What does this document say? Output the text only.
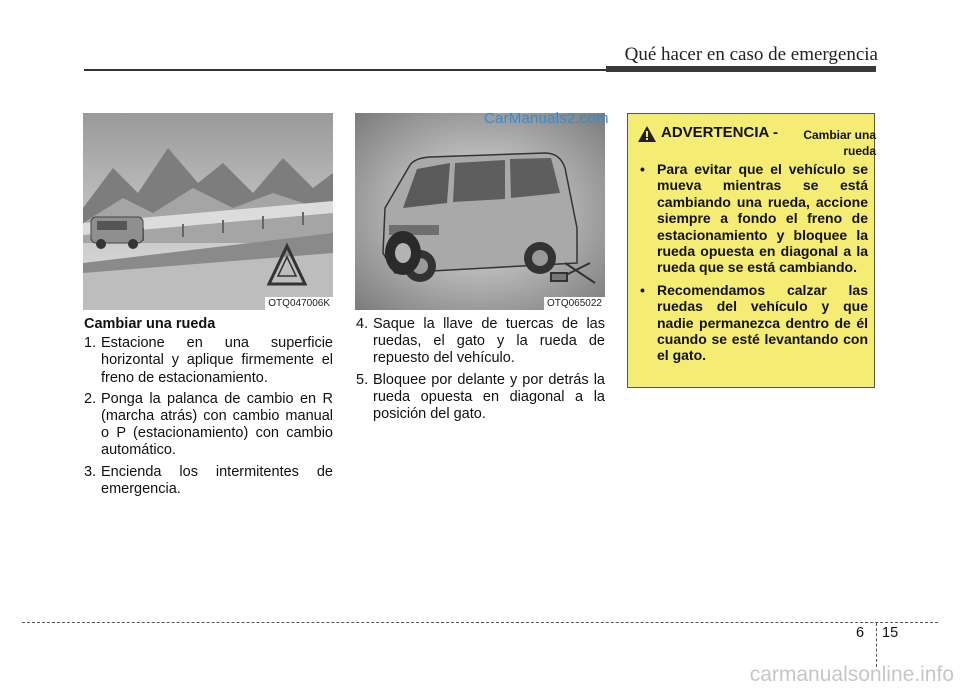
Qué hacer en caso de emergencia
OTQ047006K	OTQ065022
CarManuals2.com
Cambiar una rueda
1. Estacione en una superficie horizontal y aplique firmemente el freno de estacionamiento.
2. Ponga la palanca de cambio en R (marcha atrás) con cambio manual o P (estacionamiento) con cambio automático.
3. Encienda los intermitentes de emergencia.
4. Saque la llave de tuercas de las ruedas, el gato y la rueda de repuesto del vehículo.
5. Bloquee por delante y por detrás la rueda opuesta en diagonal a la posición del gato.
ADVERTENCIA -	Cambiar una rueda
• Para evitar que el vehículo se mueva mientras se está cambiando una rueda, accione siempre a fondo el freno de estacionamiento y bloquee la rueda opuesta en diagonal a la rueda que se está cambiando.
• Recomendamos calzar las ruedas del vehículo y que nadie permanezca dentro de él cuando se esté levantando con el gato.
6 15
carmanualsonline.info
